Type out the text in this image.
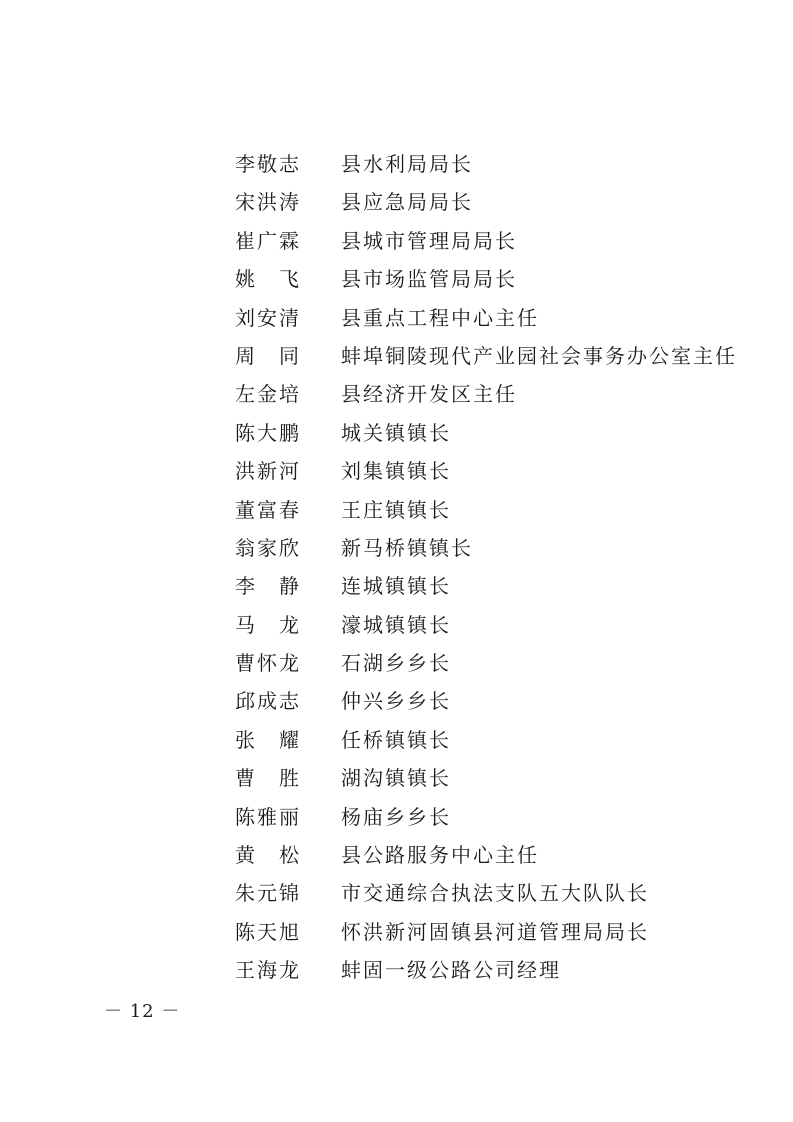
李 敬 志 县水利局局长
宋 洪 涛 县应急局局长
崔 广 霖 县城市管理局局长
姚 飞 县市场监管局局长
刘 安 清 县重点工程中心主任
周 同 蚌埠铜陵现代产业园社会事务办公室主任
左 金 培 县经济开发区主任
陈 大 鹏 城关镇镇长
洪 新 河 刘集镇镇长
董 富 春 王庄镇镇长
翁 家 欣 新马桥镇镇长
李 静 连城镇镇长
马 龙 濠城镇镇长
曹 怀 龙 石湖乡乡长
邱 成 志 仲兴乡乡长
张 耀 任桥镇镇长
曹 胜 湖沟镇镇长
陈 雅 丽 杨庙乡乡长
黄 松 县公路服务中心主任
朱 元 锦 市交通综合执法支队五大队队长
陈 天 旭 怀洪新河固镇县河道管理局局长
王 海 龙 蚌固一级公路公司经理
－ 12 －
